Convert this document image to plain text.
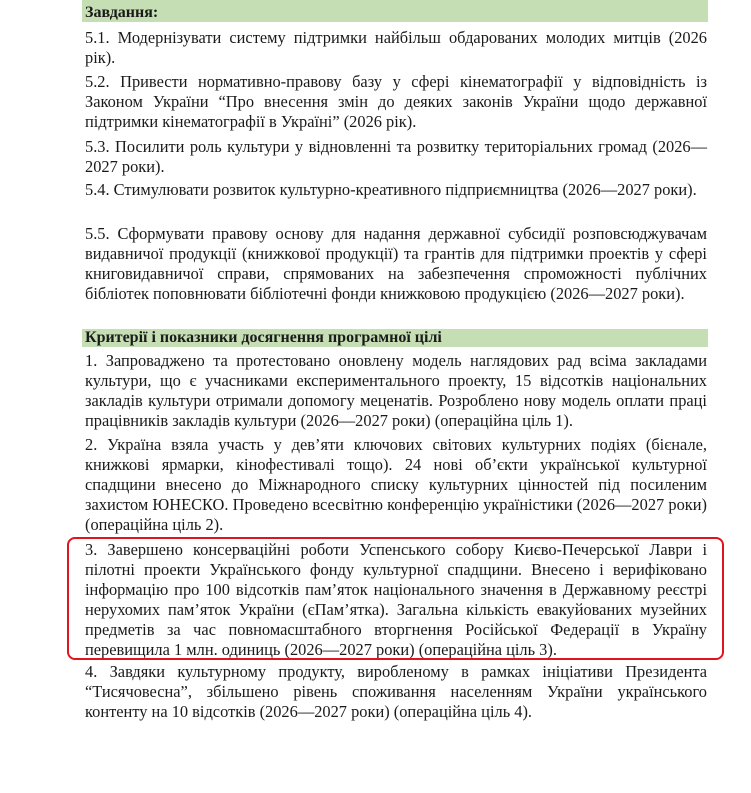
Завдання:
5.1. Модернізувати систему підтримки найбільш обдарованих молодих митців (2026 рік).
5.2. Привести нормативно-правову базу у сфері кінематографії у відповідність із Законом України “Про внесення змін до деяких законів України щодо державної підтримки кінематографії в Україні” (2026 рік).
5.3. Посилити роль культури у відновленні та розвитку територіальних громад (2026—2027 роки).
5.4. Стимулювати розвиток культурно-креативного підприємництва (2026—2027 роки).
5.5. Сформувати правову основу для надання державної субсидії розповсюджувачам видавничої продукції (книжкової продукції) та грантів для підтримки проектів у сфері книговидавничої справи, спрямованих на забезпечення спроможності публічних бібліотек поповнювати бібліотечні фонди книжковою продукцією (2026—2027 роки).
Критерії і показники досягнення програмної цілі
1. Запроваджено та протестовано оновлену модель наглядових рад всіма закладами культури, що є учасниками експериментального проекту, 15 відсотків національних закладів культури отримали допомогу меценатів. Розроблено нову модель оплати праці працівників закладів культури (2026—2027 роки) (операційна ціль 1).
2. Україна взяла участь у дев’яти ключових світових культурних подіях (бієнале, книжкові ярмарки, кінофестивалі тощо). 24 нові об’єкти української культурної спадщини внесено до Міжнародного списку культурних цінностей під посиленим захистом ЮНЕСКО. Проведено всесвітню конференцію україністики (2026—2027 роки) (операційна ціль 2).
3. Завершено консерваційні роботи Успенського собору Києво-Печерської Лаври і пілотні проекти Українського фонду культурної спадщини. Внесено і верифіковано інформацію про 100 відсотків пам’яток національного значення в Державному реєстрі нерухомих пам’яток України (єПам’ятка). Загальна кількість евакуйованих музейних предметів за час повномасштабного вторгнення Російської Федерації в Україну перевищила 1 млн. одиниць (2026—2027 роки) (операційна ціль 3).
4. Завдяки культурному продукту, виробленому в рамках ініціативи Президента “Тисячовесна”, збільшено рівень споживання населенням України українського контенту на 10 відсотків (2026—2027 роки) (операційна ціль 4).
